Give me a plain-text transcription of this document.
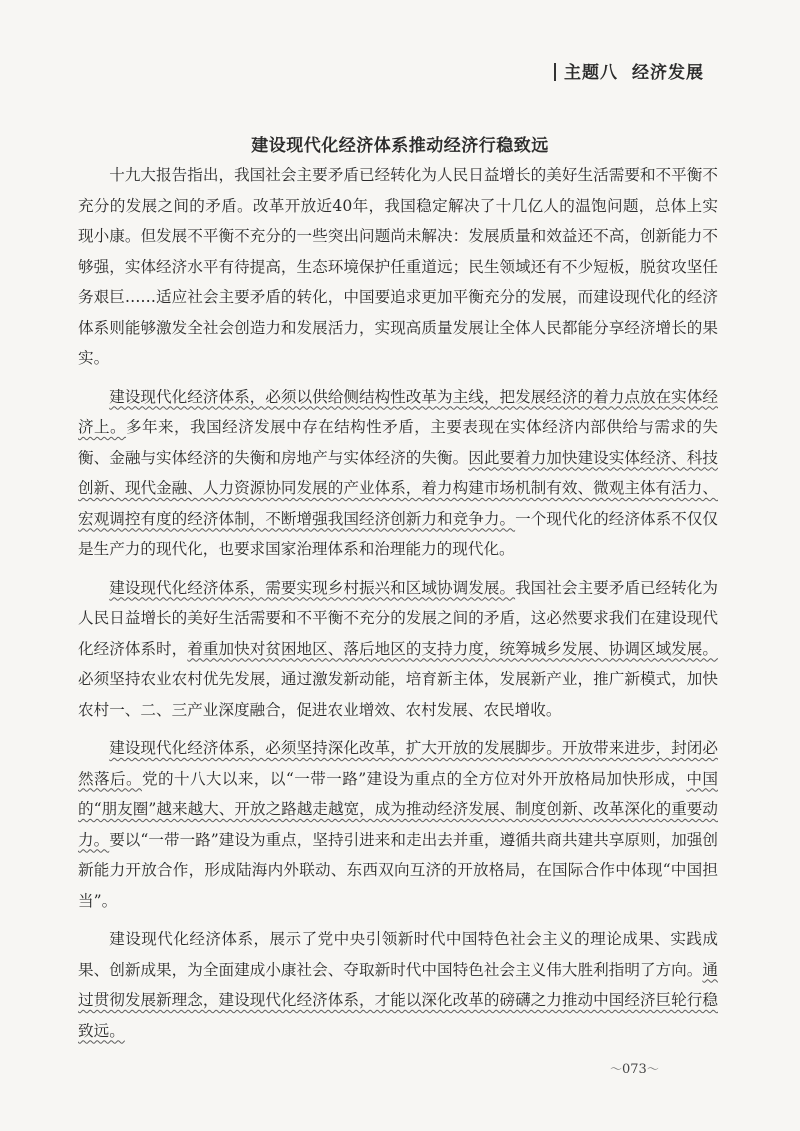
主题八 经济发展
建设现代化经济体系推动经济行稳致远

十九大报告指出，我国社会主要矛盾已经转化为人民日益增长的美好生活需要和不平衡不充分的发展之间的矛盾。改革开放近40年，我国稳定解决了十几亿人的温饱问题，总体上实现小康。但发展不平衡不充分的一些突出问题尚未解决：发展质量和效益还不高，创新能力不够强，实体经济水平有待提高，生态环境保护任重道远；民生领域还有不少短板，脱贫攻坚任务艰巨……适应社会主要矛盾的转化，中国要追求更加平衡充分的发展，而建设现代化的经济体系则能够激发全社会创造力和发展活力，实现高质量发展让全体人民都能分享经济增长的果实。

建设现代化经济体系，必须以供给侧结构性改革为主线，把发展经济的着力点放在实体经济上。多年来，我国经济发展中存在结构性矛盾，主要表现在实体经济内部供给与需求的失衡、金融与实体经济的失衡和房地产与实体经济的失衡。因此要着力加快建设实体经济、科技创新、现代金融、人力资源协同发展的产业体系，着力构建市场机制有效、微观主体有活力、宏观调控有度的经济体制，不断增强我国经济创新力和竞争力。一个现代化的经济体系不仅仅是生产力的现代化，也要求国家治理体系和治理能力的现代化。

建设现代化经济体系，需要实现乡村振兴和区域协调发展。我国社会主要矛盾已经转化为人民日益增长的美好生活需要和不平衡不充分的发展之间的矛盾，这必然要求我们在建设现代化经济体系时，着重加快对贫困地区、落后地区的支持力度，统筹城乡发展、协调区域发展。必须坚持农业农村优先发展，通过激发新动能，培育新主体，发展新产业，推广新模式，加快农村一、二、三产业深度融合，促进农业增效、农村发展、农民增收。

建设现代化经济体系，必须坚持深化改革，扩大开放的发展脚步。开放带来进步，封闭必然落后。党的十八大以来，以“一带一路”建设为重点的全方位对外开放格局加快形成，中国的“朋友圈”越来越大、开放之路越走越宽，成为推动经济发展、制度创新、改革深化的重要动力。要以“一带一路”建设为重点，坚持引进来和走出去并重，遵循共商共建共享原则，加强创新能力开放合作，形成陆海内外联动、东西双向互济的开放格局，在国际合作中体现“中国担当”。

建设现代化经济体系，展示了党中央引领新时代中国特色社会主义的理论成果、实践成果、创新成果，为全面建成小康社会、夺取新时代中国特色社会主义伟大胜利指明了方向。通过贯彻发展新理念，建设现代化经济体系，才能以深化改革的磅礴之力推动中国经济巨轮行稳致远。

〜073〜
